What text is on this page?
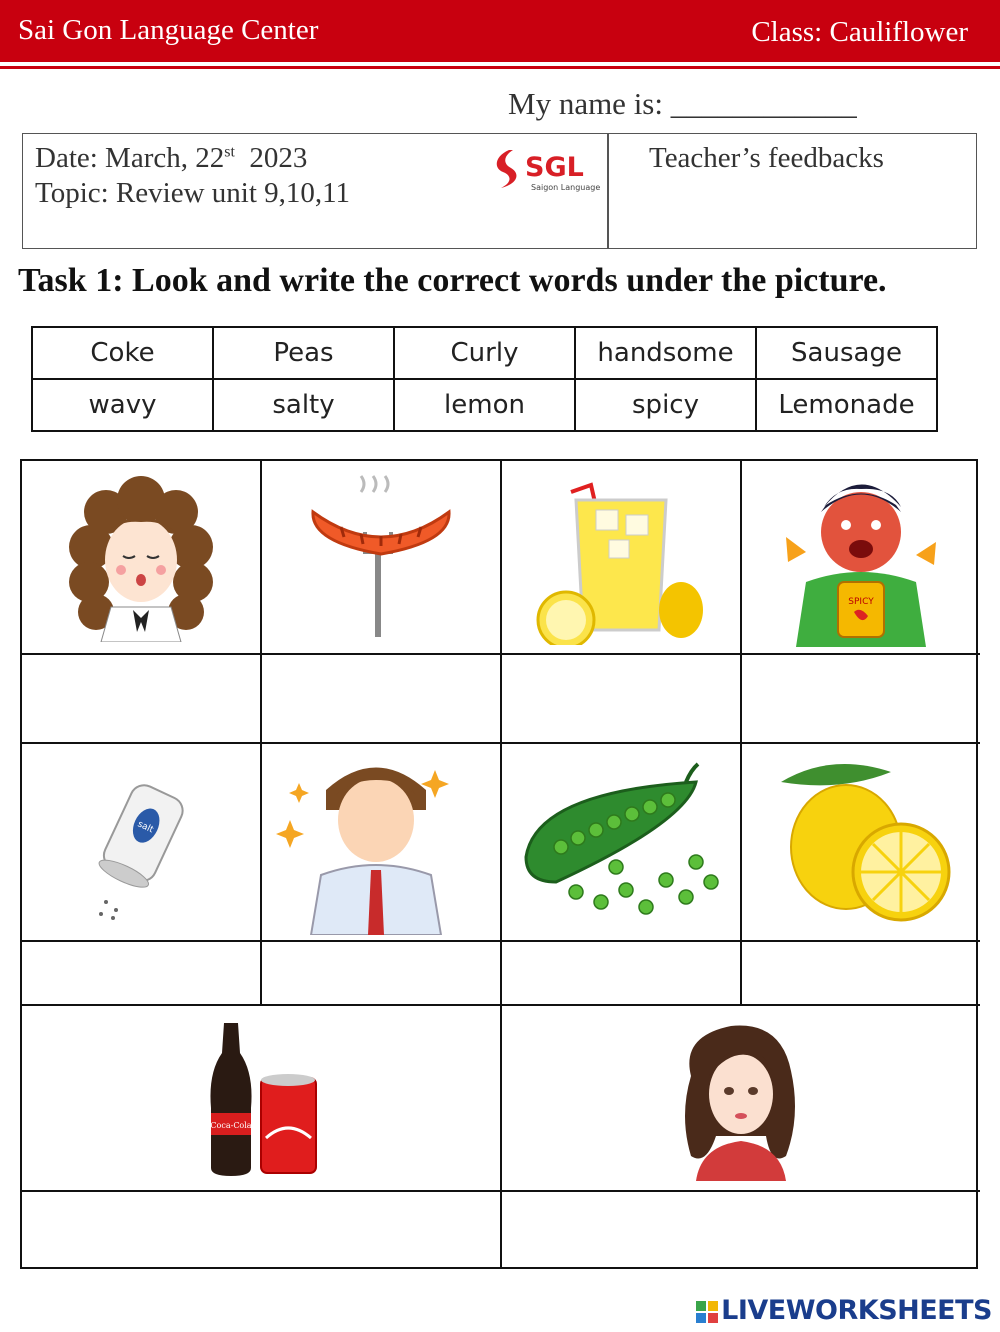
Sai Gon Language Center	Class: Cauliflower
My name is: ____________
Date: March, 22st 2023
Topic: Review unit 9,10,11
SGL
Saigon Language
Teacher’s feedbacks
Task 1: Look and write the correct words under the picture.
Coke	Peas	Curly	handsome	Sausage
wavy	salty	lemon	spicy	Lemonade
SPICY
salt
Coca-Cola
LIVEWORKSHEETS
